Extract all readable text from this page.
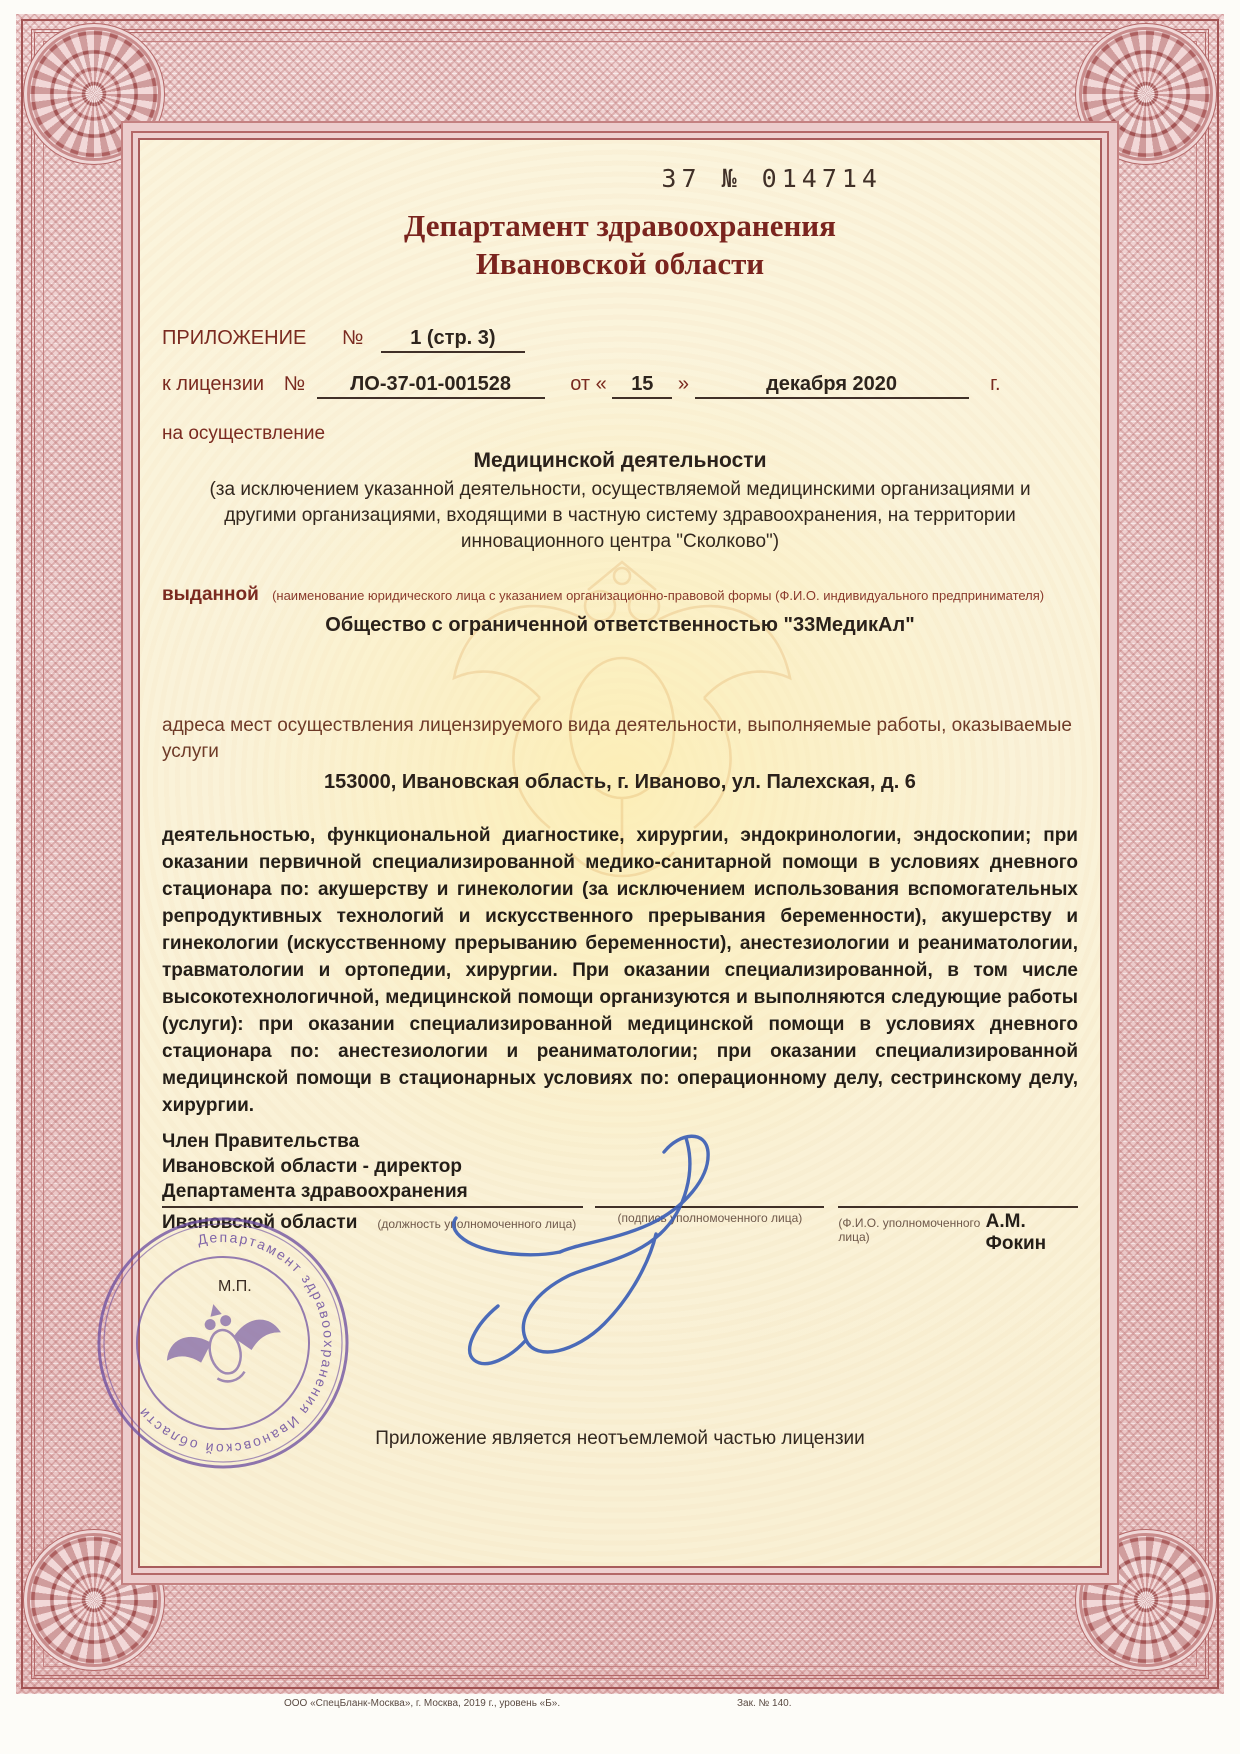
37 № 014714
Департамент здравоохранения
Ивановской области
ПРИЛОЖЕНИЕ № 1 (стр. 3)
к лицензии № ЛО-37-01-001528	от « 15 »	декабря 2020	г.
на осуществление
Медицинской деятельности
(за исключением указанной деятельности, осуществляемой медицинскими организациями и другими организациями, входящими в частную систему здравоохранения, на территории инновационного центра "Сколково")
выданной (наименование юридического лица с указанием организационно-правовой формы (Ф.И.О. индивидуального предпринимателя)
Общество с ограниченной ответственностью "33МедикАл"
адреса мест осуществления лицензируемого вида деятельности, выполняемые работы, оказываемые услуги
153000, Ивановская область, г. Иваново, ул. Палехская, д. 6
деятельностью, функциональной диагностике, хирургии, эндокринологии, эндоскопии; при оказании первичной специализированной медико-санитарной помощи в условиях дневного стационара по: акушерству и гинекологии (за исключением использования вспомогательных репродуктивных технологий и искусственного прерывания беременности), акушерству и гинекологии (искусственному прерыванию беременности), анестезиологии и реаниматологии, травматологии и ортопедии, хирургии. При оказании специализированной, в том числе высокотехнологичной, медицинской помощи организуются и выполняются следующие работы (услуги): при оказании специализированной медицинской помощи в условиях дневного стационара по: анестезиологии и реаниматологии; при оказании специализированной медицинской помощи в стационарных условиях по: операционному делу, сестринскому делу, хирургии.
Член Правительства
Ивановской области - директор
Департамента здравоохранения
Ивановской области (должность уполномоченного лица)	(подпись уполномоченного лица)	(Ф.И.О. уполномоченного лица)
А.М. Фокин
М.П.
Департамент здравоохранения Ивановской области
Приложение является неотъемлемой частью лицензии
ООО «СпецБланк-Москва», г. Москва, 2019 г., уровень «Б».	Зак. № 140.
